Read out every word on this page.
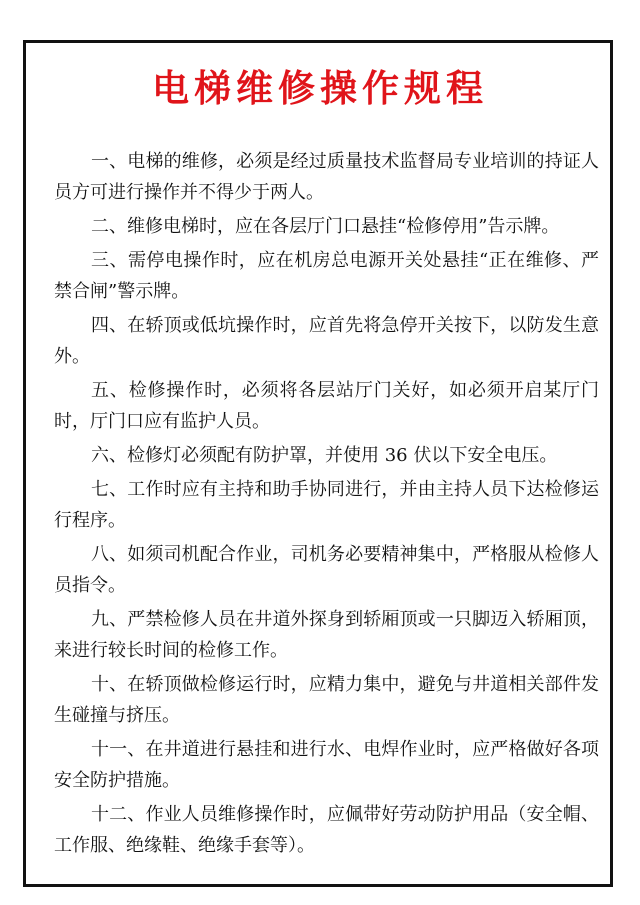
电梯维修操作规程
一、电梯的维修，必须是经过质量技术监督局专业培训的持证人员方可进行操作并不得少于两人。
二、维修电梯时，应在各层厅门口悬挂“检修停用”告示牌。
三、需停电操作时，应在机房总电源开关处悬挂“正在维修、严禁合闸”警示牌。
四、在轿顶或低坑操作时，应首先将急停开关按下，以防发生意外。
五、检修操作时，必须将各层站厅门关好，如必须开启某厅门时，厅门口应有监护人员。
六、检修灯必须配有防护罩，并使用 36 伏以下安全电压。
七、工作时应有主持和助手协同进行，并由主持人员下达检修运行程序。
八、如须司机配合作业，司机务必要精神集中，严格服从检修人员指令。
九、严禁检修人员在井道外探身到轿厢顶或一只脚迈入轿厢顶，来进行较长时间的检修工作。
十、在轿顶做检修运行时，应精力集中，避免与井道相关部件发生碰撞与挤压。
十一、在井道进行悬挂和进行水、电焊作业时，应严格做好各项安全防护措施。
十二、作业人员维修操作时，应佩带好劳动防护用品（安全帽、工作服、绝缘鞋、绝缘手套等）。
